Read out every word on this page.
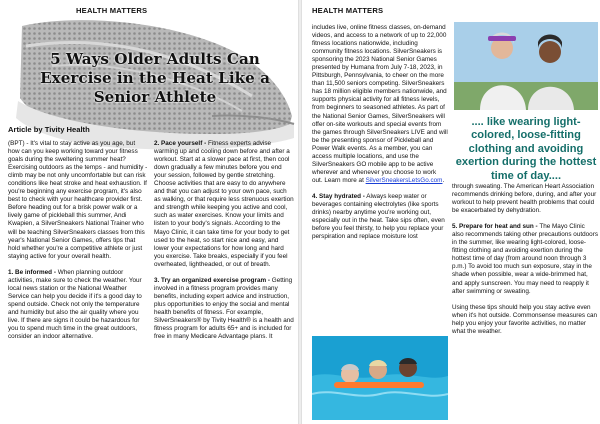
HEALTH MATTERS
5 Ways Older Adults Can Exercise in the Heat Like a Senior Athlete
Article by Tivity Health

(BPT) - It's vital to stay active as you age, but how can you keep working toward your fitness goals during the sweltering summer heat? Exercising outdoors as the temps - and humidity - climb may be not only uncomfortable but can risk conditions like heat stroke and heat exhaustion. If you're beginning any exercise program, it's also best to check with your healthcare provider first. Before heading out for a brisk power walk or a lively game of pickleball this summer, Andi Kwapien, a SilverSneakers National Trainer who will be teaching SilverSneakers classes from this year's National Senior Games, offers tips that hold whether you're a competitive athlete or just staying active for your overall health.

1. Be informed - When planning outdoor activities, make sure to check the weather. Your local news station or the National Weather Service can help you decide if it's a good day to spend outside. Check not only the temperature and humidity but also the air quality where you live. If there are signs it could be hazardous for you to spend much time in the great outdoors, consider an indoor alternative.

2. Pace yourself - Fitness experts advise warming up and cooling down before and after a workout. Start at a slower pace at first, then cool down gradually a few minutes before you end your session, followed by gentle stretching. Choose activities that are easy to do anywhere and that you can adjust to your own pace, such as walking, or that require less strenuous exertion and strength while keeping you active and cool, such as water exercises. Know your limits and listen to your body's signals. According to the Mayo Clinic, it can take time for your body to get used to the heat, so start nice and easy, and lower your expectations for how long and hard you exercise. Take breaks, especially if you feel overheated, lightheaded, or out of breath.

3. Try an organized exercise program - Getting involved in a fitness program provides many benefits, including expert advice and instruction, plus opportunities to enjoy the social and mental health benefits of fitness. For example, SilverSneakers® by Tivity Health® is a health and fitness program for adults 65+ and is included for free in many Medicare Advantage plans. It

HEALTH MATTERS

includes live, online fitness classes, on-demand videos, and access to a network of up to 22,000 fitness locations nationwide, including community fitness locations. SilverSneakers is sponsoring the 2023 National Senior Games presented by Humana from July 7-18, 2023, in Pittsburgh, Pennsylvania, to cheer on the more than 11,500 seniors competing. SilverSneakers has 18 million eligible members nationwide, and supports physical activity for all fitness levels, from beginners to seasoned athletes. As part of the National Senior Games, SilverSneakers will offer on-site workouts and special events from the games through SilverSneakers LIVE and will be the presenting sponsor of Pickleball and Power Walk events. As a member, you can access multiple locations, and use the SilverSneakers GO mobile app to be active wherever and whenever you choose to work out. Learn more at SilverSneakersLetsGo.com.

4. Stay hydrated - Always keep water or beverages containing electrolytes (like sports drinks) nearby anytime you're working out, especially out in the heat. Take sips often, even before you feel thirsty, to help you replace your perspiration and replace moisture lost

.... like wearing light-colored, loose-fitting clothing and avoiding exertion during the hottest time of day....

through sweating. The American Heart Association recommends drinking before, during, and after your workout to help prevent health problems that could be exacerbated by dehydration.

5. Prepare for heat and sun - The Mayo Clinic also recommends taking other precautions outdoors in the summer, like wearing light-colored, loose-fitting clothing and avoiding exertion during the hottest time of day (from around noon through 3 p.m.) To avoid too much sun exposure, stay in the shade when possible, wear a wide-brimmed hat, and apply sunscreen. You may need to reapply it after swimming or sweating.

Using these tips should help you stay active even when it's hot outside. Commonsense measures can help you enjoy your favorite activities, no matter what the weather.
